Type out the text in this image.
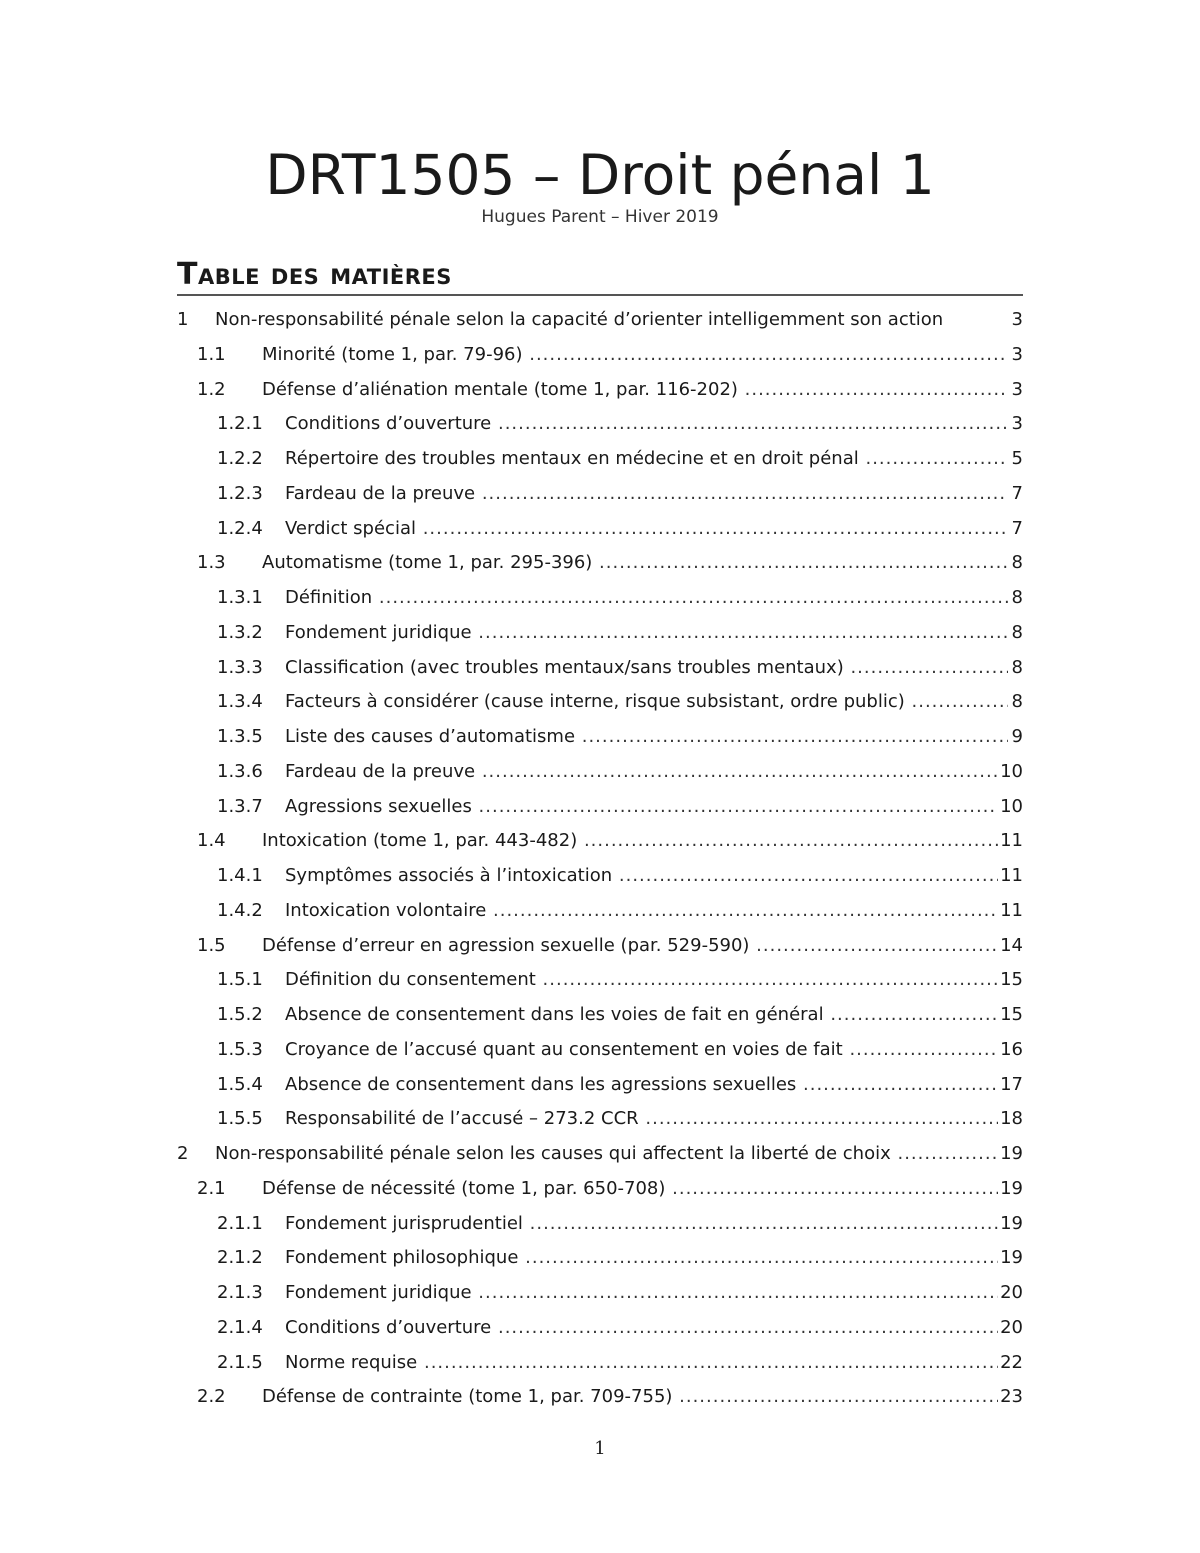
DRT1505 – Droit pénal 1
Hugues Parent – Hiver 2019
Table des matières
1 Non-responsabilité pénale selon la capacité d’orienter intelligemment son action	3
1.1 Minorité (tome 1, par. 79-96) .....	3
1.2 Défense d’aliénation mentale (tome 1, par. 116-202) .....	3
1.2.1 Conditions d’ouverture .....	3
1.2.2 Répertoire des troubles mentaux en médecine et en droit pénal .....	5
1.2.3 Fardeau de la preuve .....	7
1.2.4 Verdict spécial .....	7
1.3 Automatisme (tome 1, par. 295-396) .....	8
1.3.1 Définition .....	8
1.3.2 Fondement juridique .....	8
1.3.3 Classification (avec troubles mentaux/sans troubles mentaux) .....	8
1.3.4 Facteurs à considérer (cause interne, risque subsistant, ordre public) .....	8
1.3.5 Liste des causes d’automatisme .....	9
1.3.6 Fardeau de la preuve .....	10
1.3.7 Agressions sexuelles .....	10
1.4 Intoxication (tome 1, par. 443-482) .....	11
1.4.1 Symptômes associés à l’intoxication .....	11
1.4.2 Intoxication volontaire .....	11
1.5 Défense d’erreur en agression sexuelle (par. 529-590) .....	14
1.5.1 Définition du consentement .....	15
1.5.2 Absence de consentement dans les voies de fait en général .....	15
1.5.3 Croyance de l’accusé quant au consentement en voies de fait .....	16
1.5.4 Absence de consentement dans les agressions sexuelles .....	17
1.5.5 Responsabilité de l’accusé – 273.2 CCR .....	18
2 Non-responsabilité pénale selon les causes qui affectent la liberté de choix .....	19
2.1 Défense de nécessité (tome 1, par. 650-708) .....	19
2.1.1 Fondement jurisprudentiel .....	19
2.1.2 Fondement philosophique .....	19
2.1.3 Fondement juridique .....	20
2.1.4 Conditions d’ouverture .....	20
2.1.5 Norme requise .....	22
2.2 Défense de contrainte (tome 1, par. 709-755) .....	23
1
